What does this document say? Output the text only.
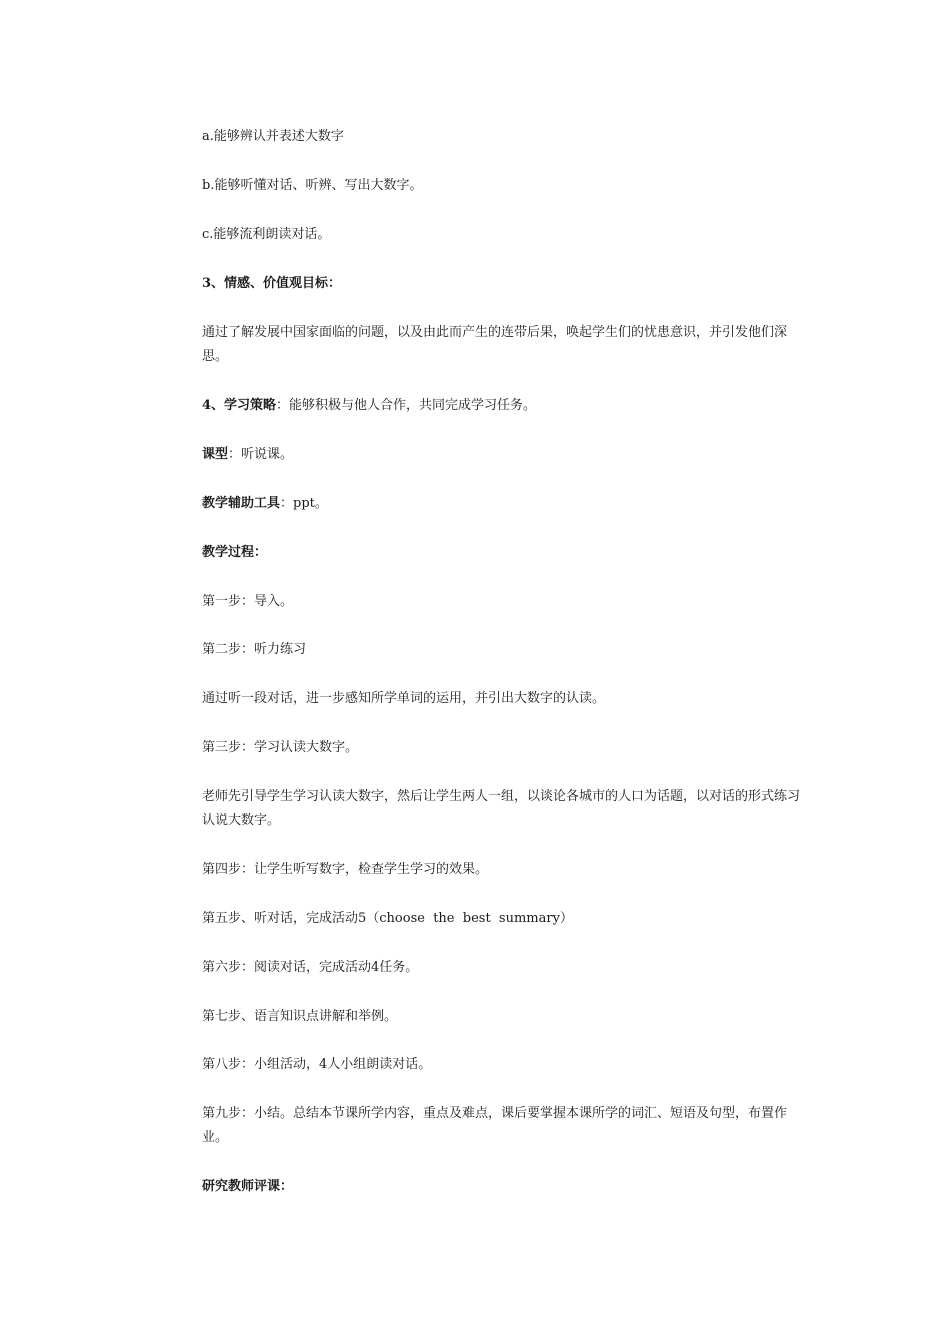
a.能够辨认并表述大数字
b.能够听懂对话、听辨、写出大数字。
c.能够流利朗读对话。
3、情感、价值观目标：
通过了解发展中国家面临的问题，以及由此而产生的连带后果，唤起学生们的忧患意识，并引发他们深思。
4、学习策略：能够积极与他人合作，共同完成学习任务。
课型：听说课。
教学辅助工具：ppt。
教学过程：
第一步：导入。
第二步：听力练习
通过听一段对话，进一步感知所学单词的运用，并引出大数字的认读。
第三步：学习认读大数字。
老师先引导学生学习认读大数字，然后让学生两人一组，以谈论各城市的人口为话题，以对话的形式练习认说大数字。
第四步：让学生听写数字，检查学生学习的效果。
第五步、听对话，完成活动5（choose  the  best  summary）
第六步：阅读对话，完成活动4任务。
第七步、语言知识点讲解和举例。
第八步：小组活动，4人小组朗读对话。
第九步：小结。总结本节课所学内容，重点及难点，课后要掌握本课所学的词汇、短语及句型，布置作业。
研究教师评课：
